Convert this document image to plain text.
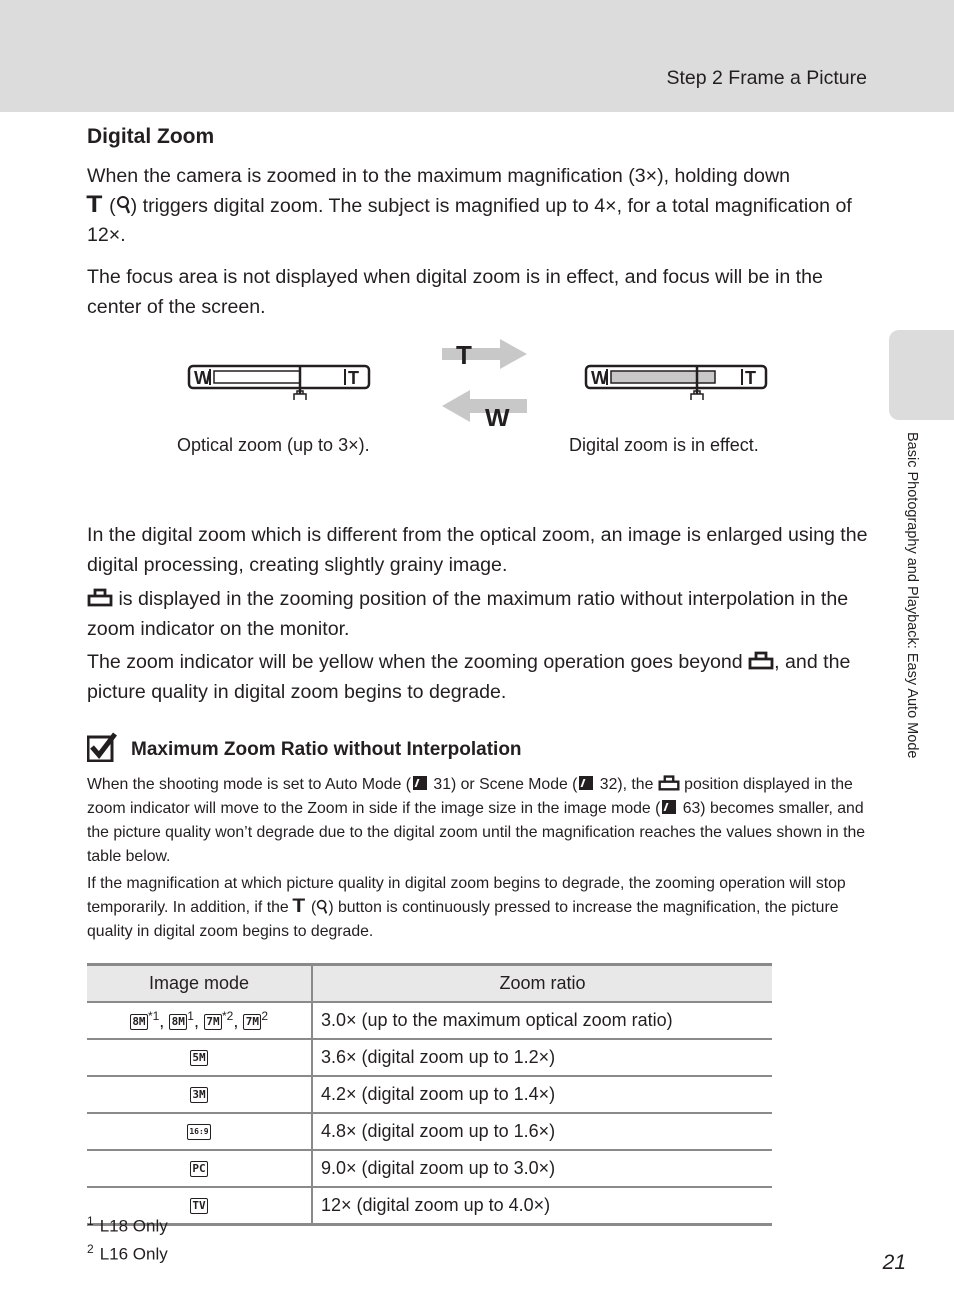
Step 2 Frame a Picture
Basic Photography and Playback: Easy Auto Mode
Digital Zoom

When the camera is zoomed in to the maximum magnification (3×), holding down
T ( ) triggers digital zoom. The subject is magnified up to 4×, for a total magnification of 12×.

The focus area is not displayed when digital zoom is in effect, and focus will be in the center of the screen.

W	T
T
W
W	T
Optical zoom (up to 3×).	Digital zoom is in effect.

In the digital zoom which is different from the optical zoom, an image is enlarged using the digital processing, creating slightly grainy image.

is displayed in the zooming position of the maximum ratio without interpolation in the zoom indicator on the monitor.

The zoom indicator will be yellow when the zooming operation goes beyond , and the picture quality in digital zoom begins to degrade.

Maximum Zoom Ratio without Interpolation

When the shooting mode is set to Auto Mode ( 31) or Scene Mode ( 32), the  position displayed in the zoom indicator will move to the Zoom in side if the image size in the image mode ( 63) becomes smaller, and the picture quality won’t degrade due to the digital zoom until the magnification reaches the values shown in the table below.

If the magnification at which picture quality in digital zoom begins to degrade, the zooming operation will stop temporarily. In addition, if the T ( ) button is continuously pressed to increase the magnification, the picture quality in digital zoom begins to degrade.

Image mode	Zoom ratio
8M $^{*1}$, 8M $^1$, 7M $^{*2}$, 7M $^2$	3.0× (up to the maximum optical zoom ratio)
5M	3.6× (digital zoom up to 1.2×)
3M	4.2× (digital zoom up to 1.4×)
16:9	4.8× (digital zoom up to 1.6×)
PC	9.0× (digital zoom up to 3.0×)
TV	12× (digital zoom up to 4.0×)
$^1$ L18 Only
$^2$ L16 Only	21
